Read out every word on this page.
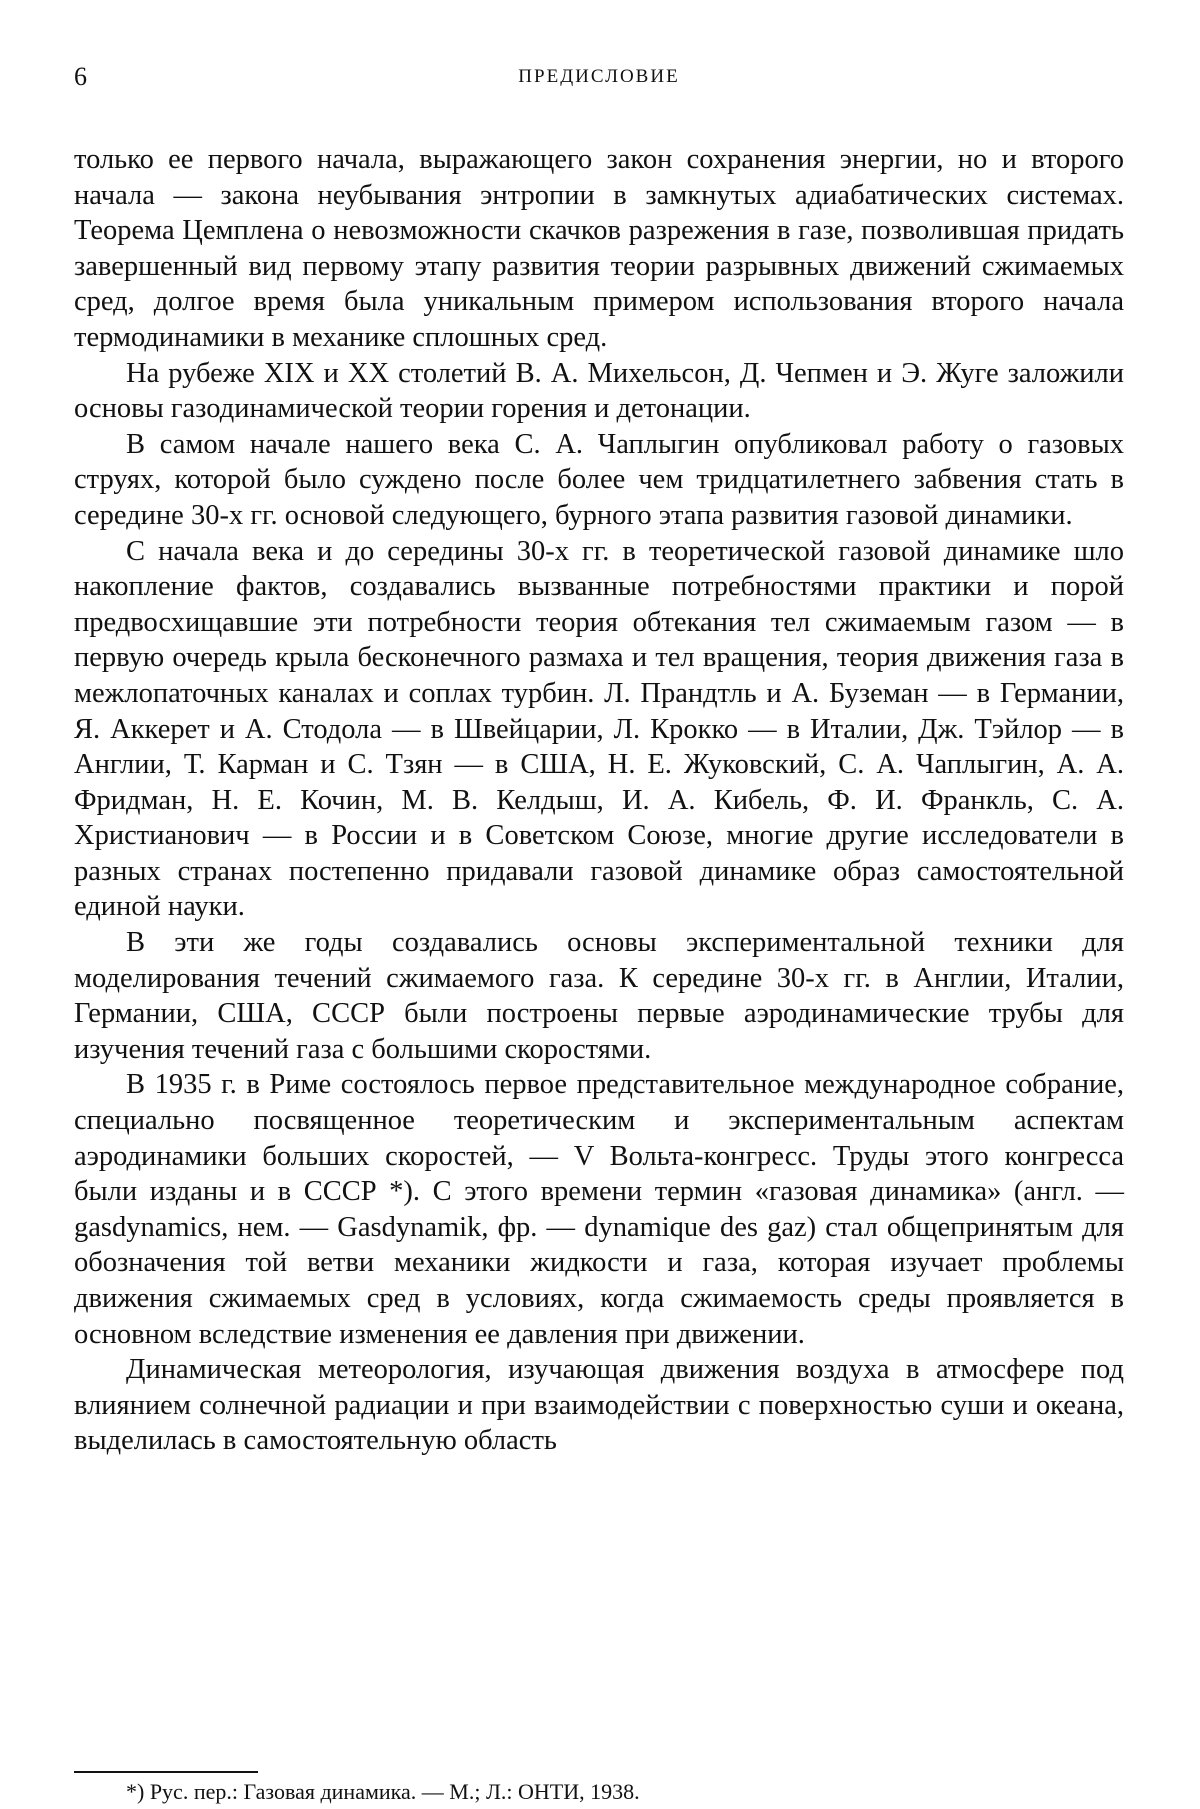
6	ПРЕДИСЛОВИЕ

только ее первого начала, выражающего закон сохранения энергии, но и второго начала — закона неубывания энтропии в замкнутых адиабатических системах. Теорема Цемплена о невозможности скачков разрежения в газе, позволившая придать завершенный вид первому этапу развития теории разрывных движений сжимаемых сред, долгое время была уникальным примером использования второго начала термодинамики в механике сплошных сред.

На рубеже XIX и XX столетий В. А. Михельсон, Д. Чепмен и Э. Жуге заложили основы газодинамической теории горения и детонации.

В самом начале нашего века С. А. Чаплыгин опубликовал работу о газовых струях, которой было суждено после более чем тридцатилетнего забвения стать в середине 30-х гг. основой следующего, бурного этапа развития газовой динамики.

С начала века и до середины 30-х гг. в теоретической газовой динамике шло накопление фактов, создавались вызванные потребностями практики и порой предвосхищавшие эти потребности теория обтекания тел сжимаемым газом — в первую очередь крыла бесконечного размаха и тел вращения, теория движения газа в межлопаточных каналах и соплах турбин. Л. Прандтль и А. Буземан — в Германии, Я. Аккерет и А. Стодола — в Швейцарии, Л. Крокко — в Италии, Дж. Тэйлор — в Англии, Т. Карман и С. Тзян — в США, Н. Е. Жуковский, С. А. Чаплыгин, А. А. Фридман, Н. Е. Кочин, М. В. Келдыш, И. А. Кибель, Ф. И. Франкль, С. А. Христианович — в России и в Советском Союзе, многие другие исследователи в разных странах постепенно придавали газовой динамике образ самостоятельной единой науки.

В эти же годы создавались основы экспериментальной техники для моделирования течений сжимаемого газа. К середине 30-х гг. в Англии, Италии, Германии, США, СССР были построены первые аэродинамические трубы для изучения течений газа с большими скоростями.

В 1935 г. в Риме состоялось первое представительное международное собрание, специально посвященное теоретическим и экспериментальным аспектам аэродинамики больших скоростей, — V Вольта-конгресс. Труды этого конгресса были изданы и в СССР *). С этого времени термин «газовая динамика» (англ. — gasdynamics, нем. — Gasdynamik, фр. — dynamique des gaz) стал общепринятым для обозначения той ветви механики жидкости и газа, которая изучает проблемы движения сжимаемых сред в условиях, когда сжимаемость среды проявляется в основном вследствие изменения ее давления при движении.

Динамическая метеорология, изучающая движения воздуха в атмосфере под влиянием солнечной радиации и при взаимодействии с поверхностью суши и океана, выделилась в самостоятельную область

*) Рус. пер.: Газовая динамика. — М.; Л.: ОНТИ, 1938.
